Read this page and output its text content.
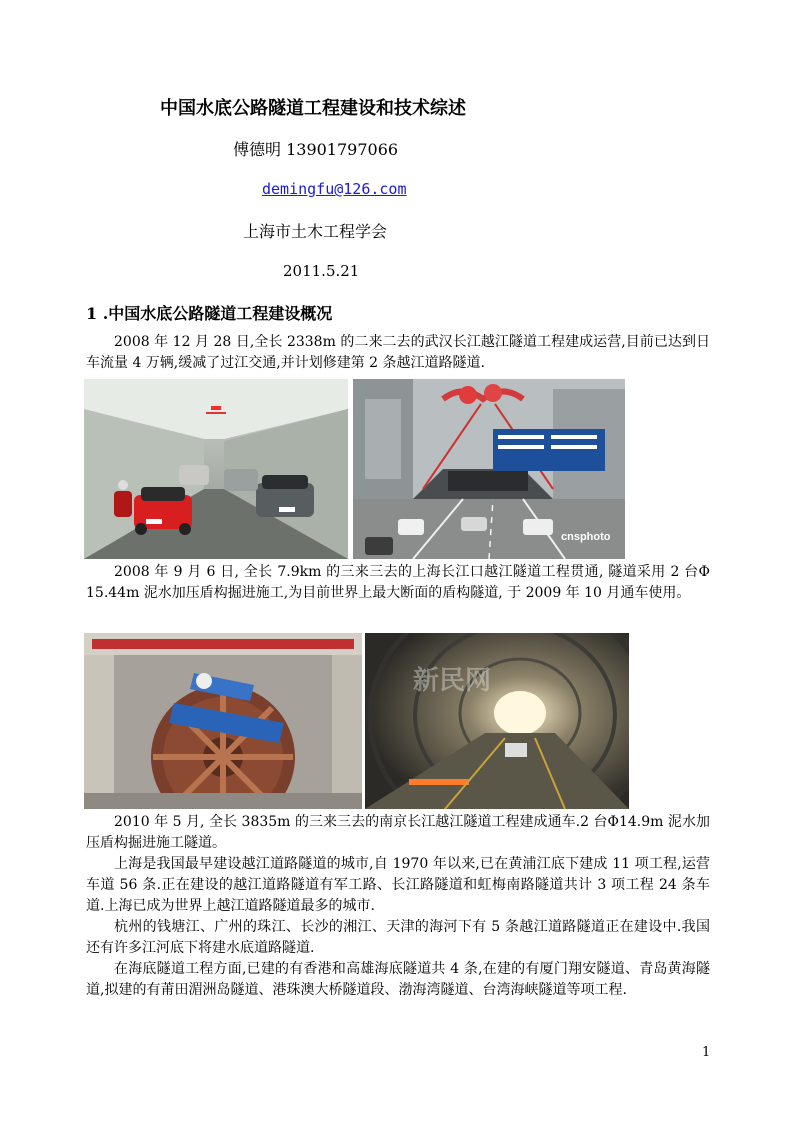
中国水底公路隧道工程建设和技术综述
傅德明 13901797066
demingfu@126.com
上海市土木工程学会
2011.5.21
1 .中国水底公路隧道工程建设概况
2008 年 12 月 28 日,全长 2338m 的二来二去的武汉长江越江隧道工程建成运营,目前已达到日车流量 4 万辆,缓减了过江交通,并计划修建第 2 条越江道路隧道.
cnsphoto
2008 年 9 月 6 日, 全长 7.9km 的三来三去的上海长江口越江隧道工程贯通, 隧道采用 2 台Φ 15.44m 泥水加压盾构掘进施工,为目前世界上最大断面的盾构隧道, 于 2009 年 10 月通车使用。
新民网
2010 年 5 月, 全长 3835m 的三来三去的南京长江越江隧道工程建成通车.2 台Φ14.9m 泥水加压盾构掘进施工隧道。
上海是我国最早建设越江道路隧道的城市,自 1970 年以来,已在黄浦江底下建成 11 项工程,运营车道 56 条.正在建设的越江道路隧道有军工路、长江路隧道和虹梅南路隧道共计 3 项工程 24 条车道.上海已成为世界上越江道路隧道最多的城市.
杭州的钱塘江、广州的珠江、长沙的湘江、天津的海河下有 5 条越江道路隧道正在建设中.我国还有许多江河底下将建水底道路隧道.
在海底隧道工程方面,已建的有香港和高雄海底隧道共 4 条,在建的有厦门翔安隧道、青岛黄海隧道,拟建的有莆田湄洲岛隧道、港珠澳大桥隧道段、渤海湾隧道、台湾海峡隧道等项工程.
1
